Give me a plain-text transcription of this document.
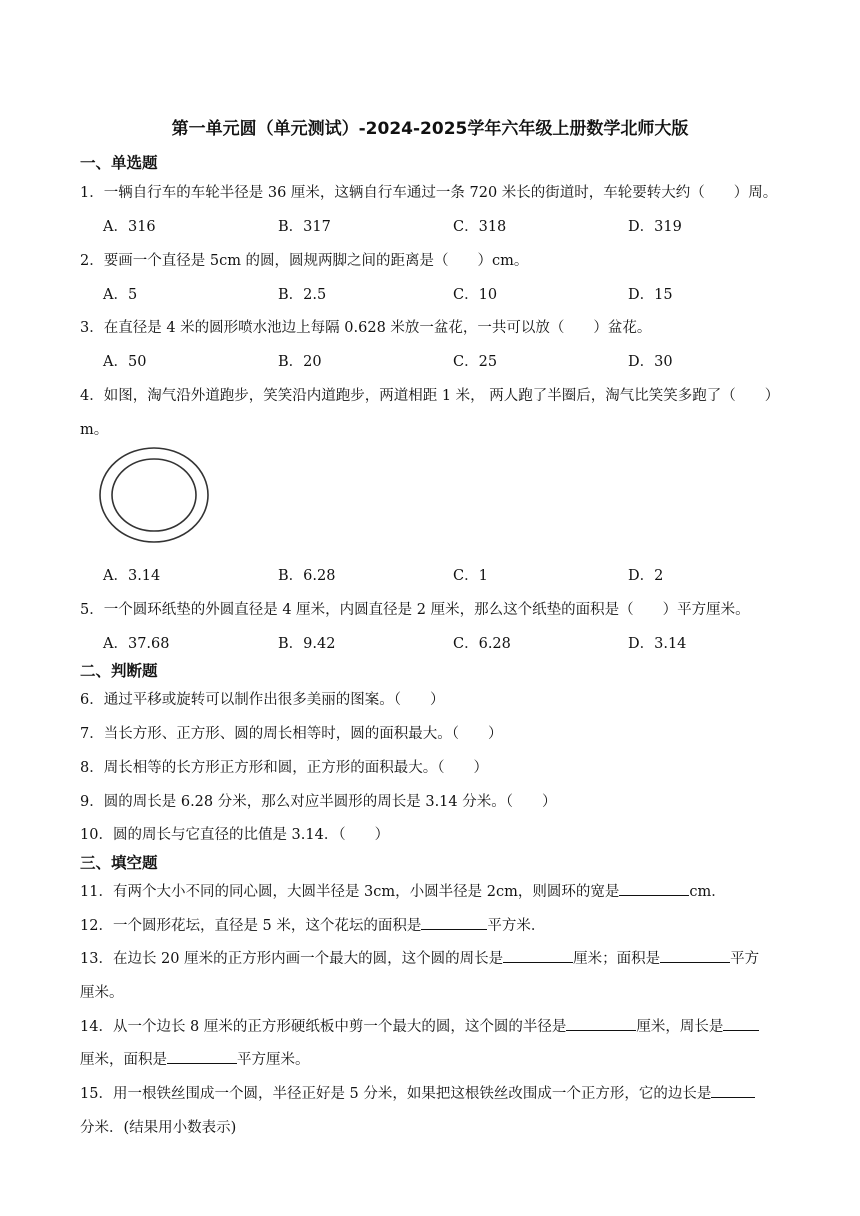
第一单元圆（单元测试）-2024-2025学年六年级上册数学北师大版
一、单选题
1．一辆自行车的车轮半径是 36 厘米，这辆自行车通过一条 720 米长的街道时，车轮要转大约（　　）周。
A．316	B．317	C．318	D．319
2．要画一个直径是 5cm 的圆，圆规两脚之间的距离是（　　）cm。
A．5	B．2.5	C．10	D．15
3．在直径是 4 米的圆形喷水池边上每隔 0.628 米放一盆花，一共可以放（　　）盆花。
A．50	B．20	C．25	D．30
4．如图，淘气沿外道跑步，笑笑沿内道跑步，两道相距 1 米， 两人跑了半圈后，淘气比笑笑多跑了（　　）
m。
A．3.14	B．6.28	C．1	D．2
5．一个圆环纸垫的外圆直径是 4 厘米，内圆直径是 2 厘米，那么这个纸垫的面积是（　　）平方厘米。
A．37.68	B．9.42	C．6.28	D．3.14
二、判断题
6．通过平移或旋转可以制作出很多美丽的图案。（　　）
7．当长方形、正方形、圆的周长相等时，圆的面积最大。（　　）
8．周长相等的长方形正方形和圆，正方形的面积最大。（　　）
9．圆的周长是 6.28 分米，那么对应半圆形的周长是 3.14 分米。（　　）
10．圆的周长与它直径的比值是 3.14．（　　）
三、填空题
11．有两个大小不同的同心圆，大圆半径是 3cm，小圆半径是 2cm，则圆环的宽是	cm．
12．一个圆形花坛，直径是 5 米，这个花坛的面积是	平方米．
13．在边长 20 厘米的正方形内画一个最大的圆，这个圆的周长是	厘米；面积是	平方
厘米。
14．从一个边长 8 厘米的正方形硬纸板中剪一个最大的圆，这个圆的半径是	厘米，周长是
厘米，面积是	平方厘米。
15．用一根铁丝围成一个圆，半径正好是 5 分米，如果把这根铁丝改围成一个正方形，它的边长是
分米．(结果用小数表示)
